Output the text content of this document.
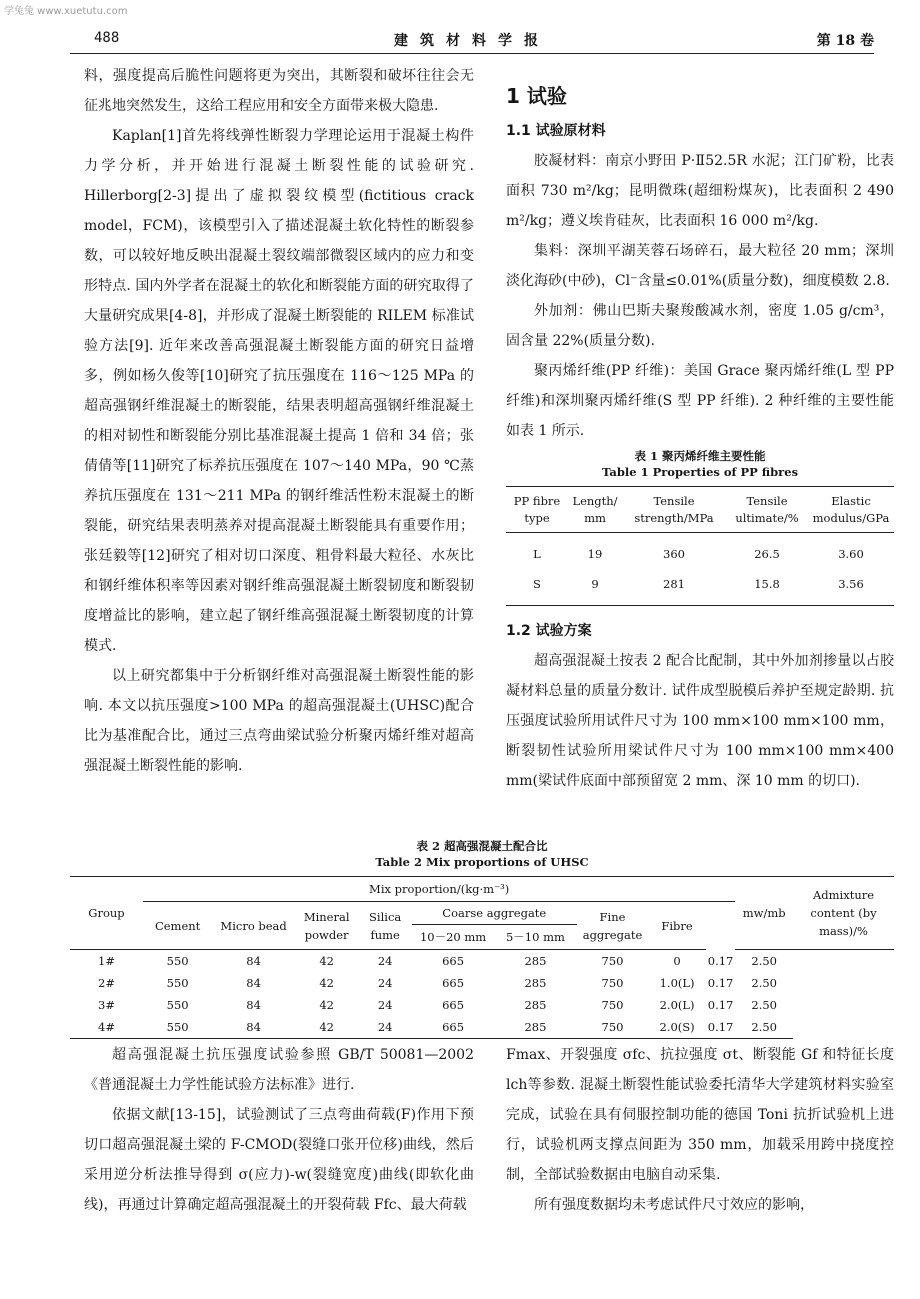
学兔兔 www.xuetutu.com
488	建筑材料学报	第 18 卷

料，强度提高后脆性问题将更为突出，其断裂和破坏往往会无征兆地突然发生，这给工程应用和安全方面带来极大隐患.

Kaplan[1]首先将线弹性断裂力学理论运用于混凝土构件力学分析，并开始进行混凝土断裂性能的试验研究. Hillerborg[2-3]提出了虚拟裂纹模型(fictitious crack model，FCM)，该模型引入了描述混凝土软化特性的断裂参数，可以较好地反映出混凝土裂纹端部微裂区域内的应力和变形特点. 国内外学者在混凝土的软化和断裂能方面的研究取得了大量研究成果[4-8]，并形成了混凝土断裂能的 RILEM 标准试验方法[9]. 近年来改善高强混凝土断裂能方面的研究日益增多，例如杨久俊等[10]研究了抗压强度在 116～125 MPa 的超高强钢纤维混凝土的断裂能，结果表明超高强钢纤维混凝土的相对韧性和断裂能分别比基准混凝土提高 1 倍和 34 倍；张倩倩等[11]研究了标养抗压强度在 107～140 MPa，90 ℃蒸养抗压强度在 131～211 MPa 的钢纤维活性粉末混凝土的断裂能，研究结果表明蒸养对提高混凝土断裂能具有重要作用；张廷毅等[12]研究了相对切口深度、粗骨料最大粒径、水灰比和钢纤维体积率等因素对钢纤维高强混凝土断裂韧度和断裂韧度增益比的影响，建立起了钢纤维高强混凝土断裂韧度的计算模式.

以上研究都集中于分析钢纤维对高强混凝土断裂性能的影响. 本文以抗压强度>100 MPa 的超高强混凝土(UHSC)配合比为基准配合比，通过三点弯曲梁试验分析聚丙烯纤维对超高强混凝土断裂性能的影响.

1 试验
1.1 试验原材料

胶凝材料：南京小野田 P·Ⅱ52.5R 水泥；江门矿粉，比表面积 730 m²/kg；昆明微珠(超细粉煤灰)，比表面积 2 490 m²/kg；遵义埃肯硅灰，比表面积 16 000 m²/kg.

集料：深圳平湖芙蓉石场碎石，最大粒径 20 mm；深圳淡化海砂(中砂)，Cl⁻含量≤0.01%(质量分数)，细度模数 2.8.

外加剂：佛山巴斯夫聚羧酸减水剂，密度 1.05 g/cm³，固含量 22%(质量分数).

聚丙烯纤维(PP 纤维)：美国 Grace 聚丙烯纤维(L 型 PP 纤维)和深圳聚丙烯纤维(S 型 PP 纤维). 2 种纤维的主要性能如表 1 所示.

表 1 聚丙烯纤维主要性能
Table 1 Properties of PP fibres
PP fibre type	Length/ mm	Tensile strength/MPa	Tensile ultimate/%	Elastic modulus/GPa

L	19	360	26.5	3.60
S	9	281	15.8	3.56
1.2 试验方案

超高强混凝土按表 2 配合比配制，其中外加剂掺量以占胶凝材料总量的质量分数计. 试件成型脱模后养护至规定龄期. 抗压强度试验所用试件尺寸为 100 mm×100 mm×100 mm，断裂韧性试验所用梁试件尺寸为 100 mm×100 mm×400 mm(梁试件底面中部预留宽 2 mm、深 10 mm 的切口).

表 2 超高强混凝土配合比
Table 2 Mix proportions of UHSC
Group	Mix proportion/(kg·m⁻³)									mw/mb	Admixture content (by mass)/%
	Cement	Micro bead	Mineral powder	Silica fume	Coarse aggregate		Fine aggregate	Fibre			
					10－20 mm	5－10 mm					
1#	550	84	42	24	665	285	750	0	0.17	2.50	
2#	550	84	42	24	665	285	750	1.0(L)	0.17	2.50	
3#	550	84	42	24	665	285	750	2.0(L)	0.17	2.50	
4#	550	84	42	24	665	285	750	2.0(S)	0.17	2.50	

超高强混凝土抗压强度试验参照 GB/T 50081—2002《普通混凝土力学性能试验方法标准》进行.

依据文献[13-15]，试验测试了三点弯曲荷载(F)作用下预切口超高强混凝土梁的 F-CMOD(裂缝口张开位移)曲线，然后采用逆分析法推导得到 σ(应力)-w(裂缝宽度)曲线(即软化曲线)，再通过计算确定超高强混凝土的开裂荷载 Ffc、最大荷载

Fmax、开裂强度 σfc、抗拉强度 σt、断裂能 Gf 和特征长度 lch等参数. 混凝土断裂性能试验委托清华大学建筑材料实验室完成，试验在具有伺服控制功能的德国 Toni 抗折试验机上进行，试验机两支撑点间距为 350 mm，加载采用跨中挠度控制，全部试验数据由电脑自动采集.

所有强度数据均未考虑试件尺寸效应的影响，
